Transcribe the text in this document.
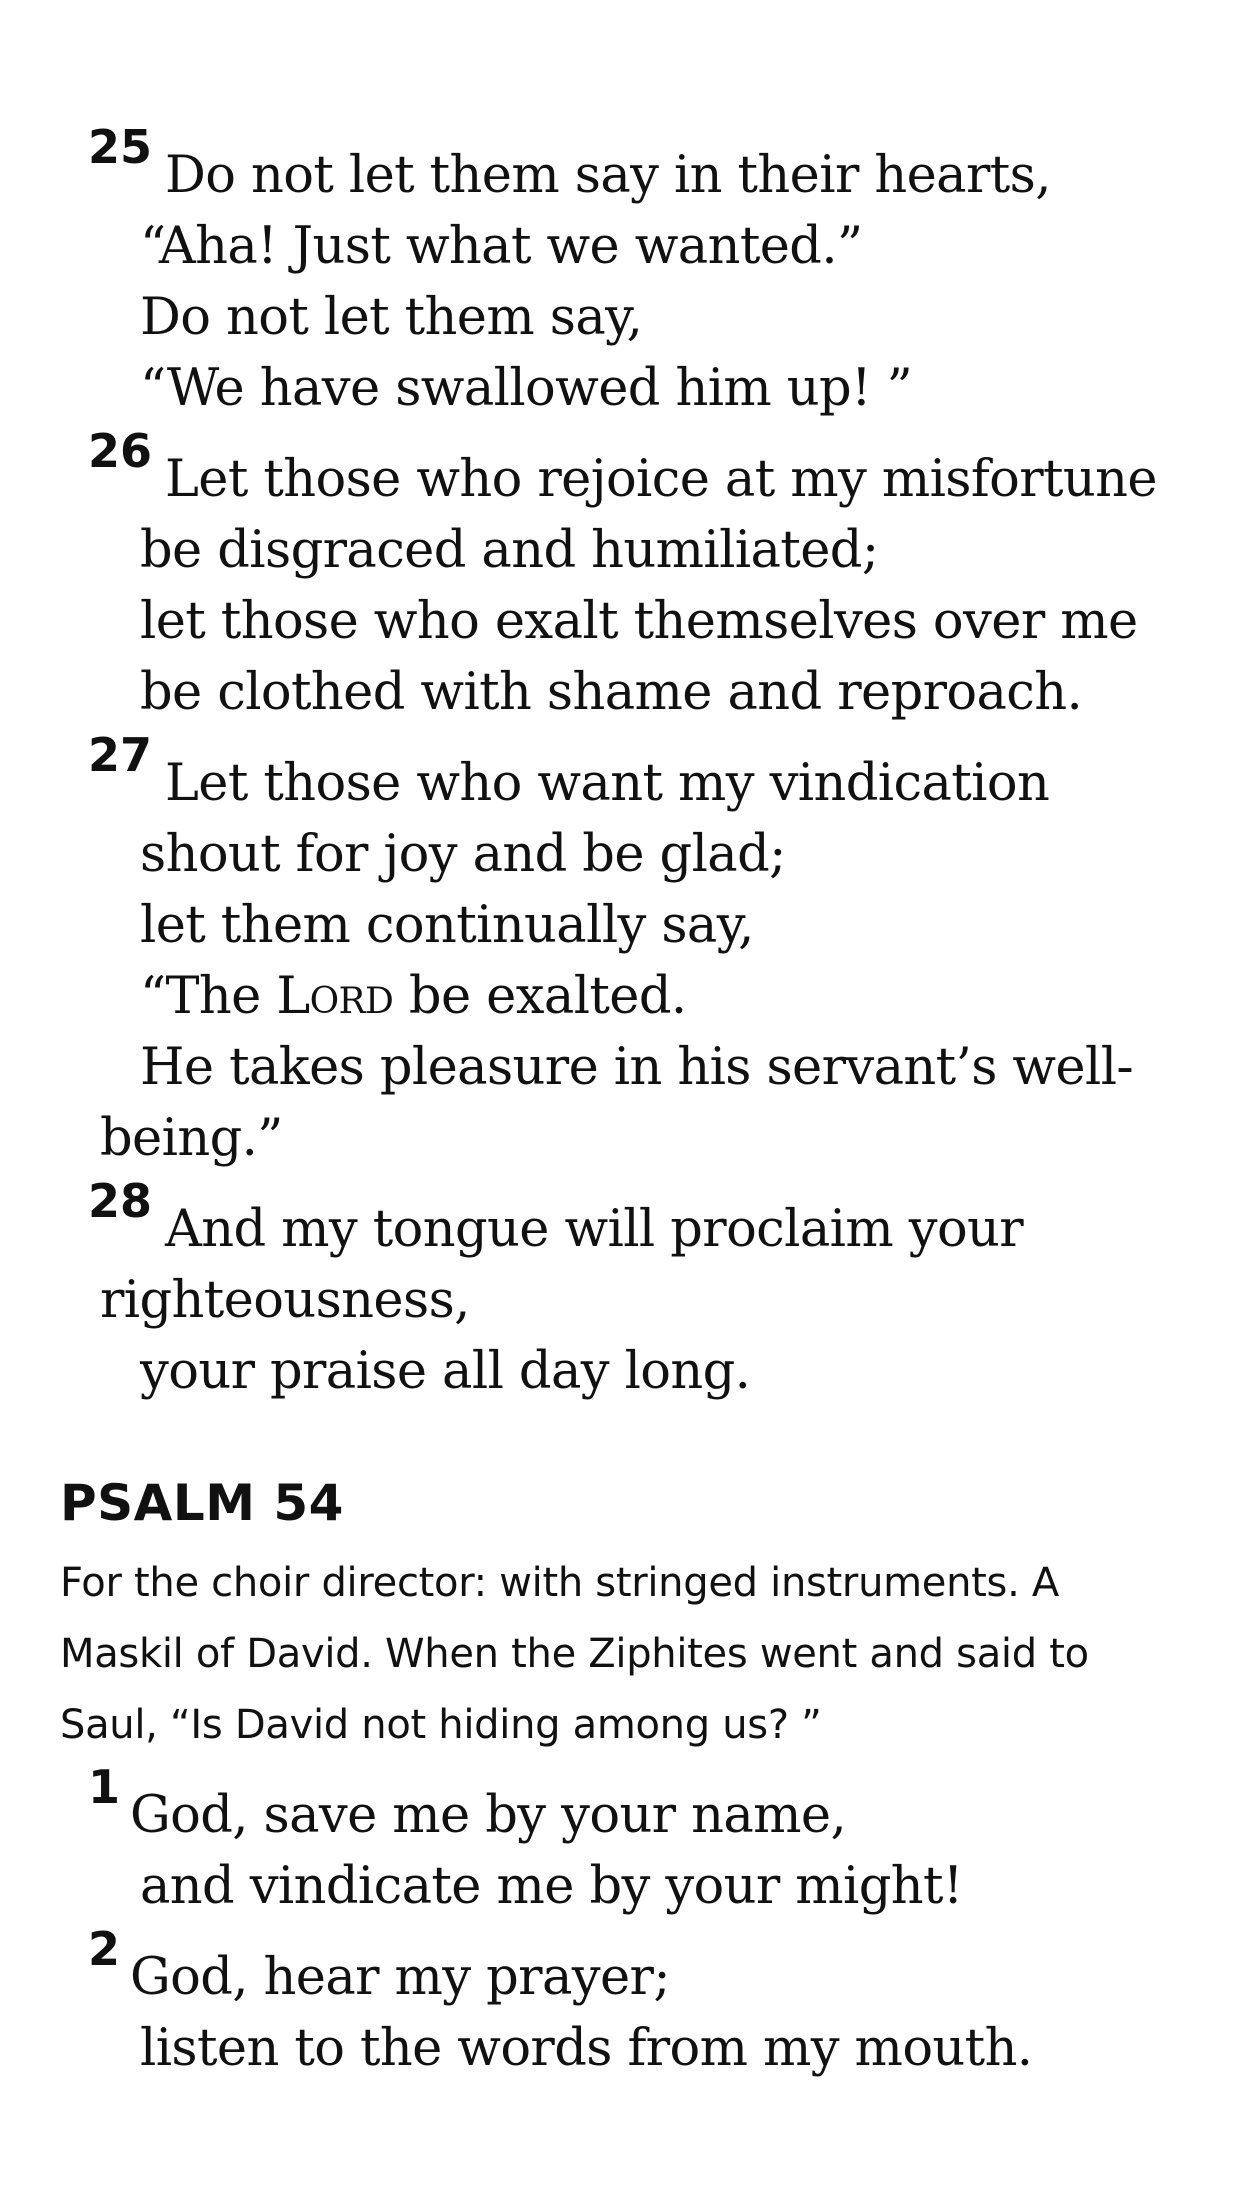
25 Do not let them say in their hearts,
“Aha! Just what we wanted.”
Do not let them say,
“We have swallowed him up! ”
26 Let those who rejoice at my misfortune
be disgraced and humiliated;
let those who exalt themselves over me
be clothed with shame and reproach.
27 Let those who want my vindication
shout for joy and be glad;
let them continually say,
“The Lord be exalted.
He takes pleasure in his servant’s well-
being.”
28 And my tongue will proclaim your
righteousness,
your praise all day long.
PSALM 54
For the choir director: with stringed instruments. A
Maskil of David. When the Ziphites went and said to
Saul, “Is David not hiding among us? ”
1 God, save me by your name,
and vindicate me by your might!
2 God, hear my prayer;
listen to the words from my mouth.
